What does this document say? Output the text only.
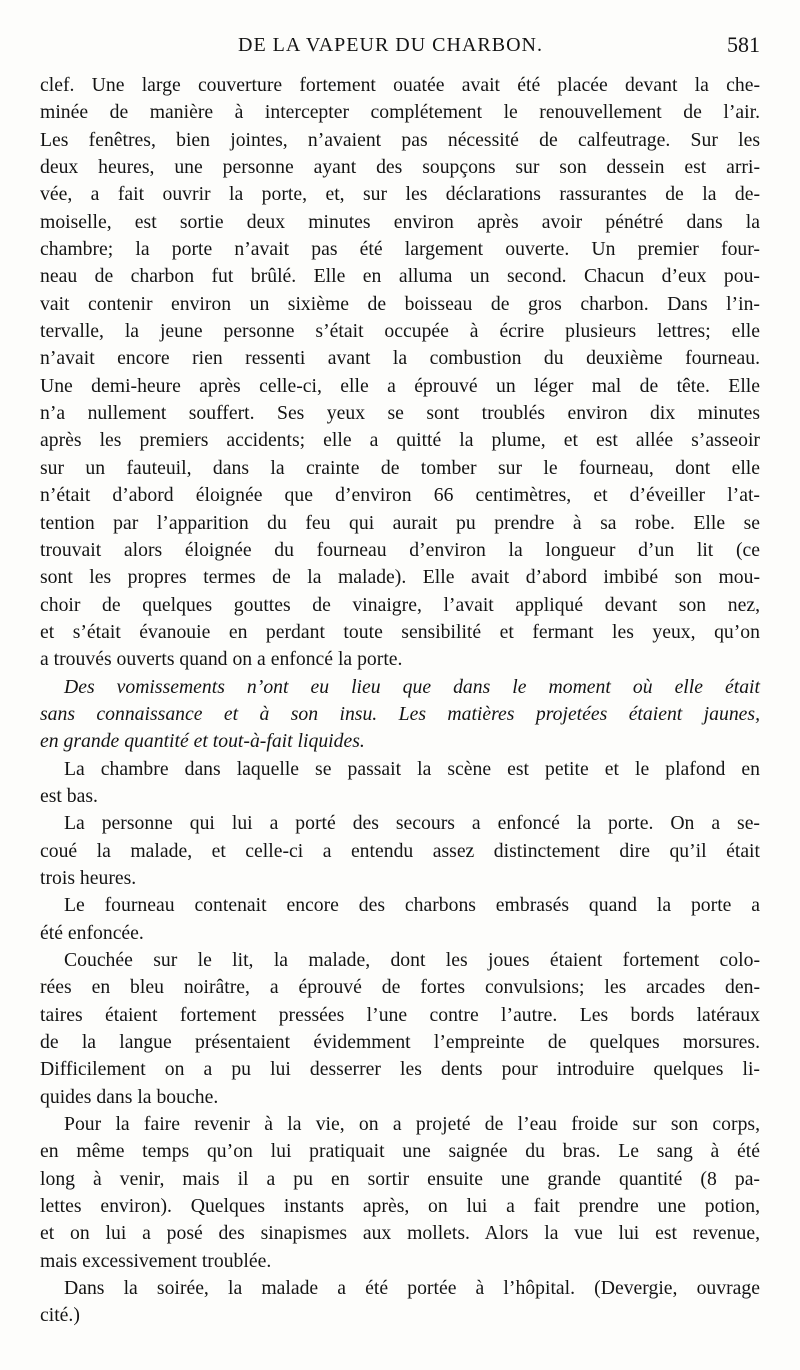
DE LA VAPEUR DU CHARBON.	581

clef. Une large couverture fortement ouatée avait été placée devant la che-
minée de manière à intercepter complétement le renouvellement de l’air.
Les fenêtres, bien jointes, n’avaient pas nécessité de calfeutrage. Sur les
deux heures, une personne ayant des soupçons sur son dessein est arri-
vée, a fait ouvrir la porte, et, sur les déclarations rassurantes de la de-
moiselle, est sortie deux minutes environ après avoir pénétré dans la
chambre; la porte n’avait pas été largement ouverte. Un premier four-
neau de charbon fut brûlé. Elle en alluma un second. Chacun d’eux pou-
vait contenir environ un sixième de boisseau de gros charbon. Dans l’in-
tervalle, la jeune personne s’était occupée à écrire plusieurs lettres; elle
n’avait encore rien ressenti avant la combustion du deuxième fourneau.
Une demi-heure après celle-ci, elle a éprouvé un léger mal de tête. Elle
n’a nullement souffert. Ses yeux se sont troublés environ dix minutes
après les premiers accidents; elle a quitté la plume, et est allée s’asseoir
sur un fauteuil, dans la crainte de tomber sur le fourneau, dont elle
n’était d’abord éloignée que d’environ 66 centimètres, et d’éveiller l’at-
tention par l’apparition du feu qui aurait pu prendre à sa robe. Elle se
trouvait alors éloignée du fourneau d’environ la longueur d’un lit (ce
sont les propres termes de la malade). Elle avait d’abord imbibé son mou-
choir de quelques gouttes de vinaigre, l’avait appliqué devant son nez,
et s’était évanouie en perdant toute sensibilité et fermant les yeux, qu’on
a trouvés ouverts quand on a enfoncé la porte.

Des vomissements n’ont eu lieu que dans le moment où elle était
sans connaissance et à son insu. Les matières projetées étaient jaunes,
en grande quantité et tout-à-fait liquides.

La chambre dans laquelle se passait la scène est petite et le plafond en
est bas.

La personne qui lui a porté des secours a enfoncé la porte. On a se-
coué la malade, et celle-ci a entendu assez distinctement dire qu’il était
trois heures.

Le fourneau contenait encore des charbons embrasés quand la porte a
été enfoncée.

Couchée sur le lit, la malade, dont les joues étaient fortement colo-
rées en bleu noirâtre, a éprouvé de fortes convulsions; les arcades den-
taires étaient fortement pressées l’une contre l’autre. Les bords latéraux
de la langue présentaient évidemment l’empreinte de quelques morsures.
Difficilement on a pu lui desserrer les dents pour introduire quelques li-
quides dans la bouche.

Pour la faire revenir à la vie, on a projeté de l’eau froide sur son corps,
en même temps qu’on lui pratiquait une saignée du bras. Le sang à été
long à venir, mais il a pu en sortir ensuite une grande quantité (8 pa-
lettes environ). Quelques instants après, on lui a fait prendre une potion,
et on lui a posé des sinapismes aux mollets. Alors la vue lui est revenue,
mais excessivement troublée.

Dans la soirée, la malade a été portée à l’hôpital. (Devergie, ouvrage
cité.)
